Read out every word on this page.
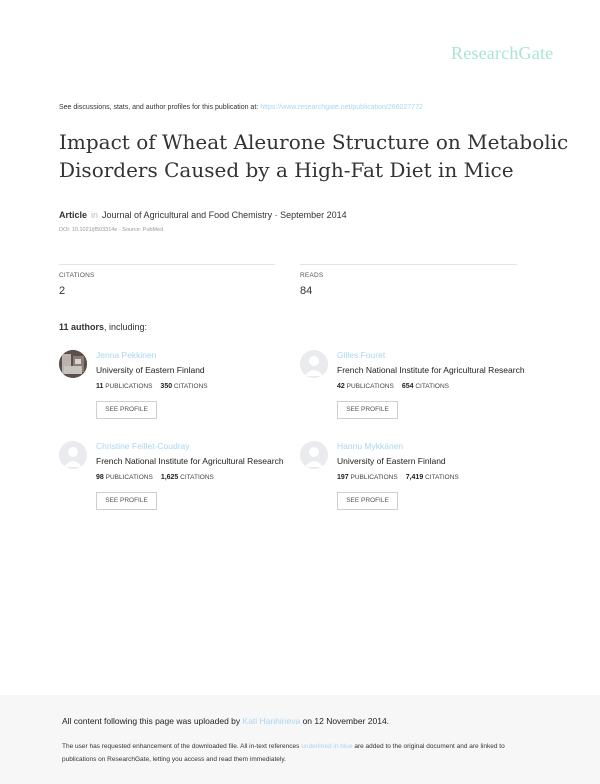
ResearchGate
See discussions, stats, and author profiles for this publication at: https://www.researchgate.net/publication/266027772
Impact of Wheat Aleurone Structure on Metabolic Disorders Caused by a High-Fat Diet in Mice
Article in Journal of Agricultural and Food Chemistry · September 2014
DOI: 10.1021/jf503314e · Source: PubMed
CITATIONS
2
READS
84
11 authors, including:
Jenna Pekkinen
University of Eastern Finland
11 PUBLICATIONS 350 CITATIONS
SEE PROFILE
Gilles Fouret
French National Institute for Agricultural Research
42 PUBLICATIONS 654 CITATIONS
SEE PROFILE
Christine Feillet-Coudray
French National Institute for Agricultural Research
98 PUBLICATIONS 1,625 CITATIONS
SEE PROFILE
Hannu Mykkänen
University of Eastern Finland
197 PUBLICATIONS 7,419 CITATIONS
SEE PROFILE
All content following this page was uploaded by Kati Hanhineva on 12 November 2014.
The user has requested enhancement of the downloaded file. All in-text references underlined in blue are added to the original document and are linked to publications on ResearchGate, letting you access and read them immediately.
